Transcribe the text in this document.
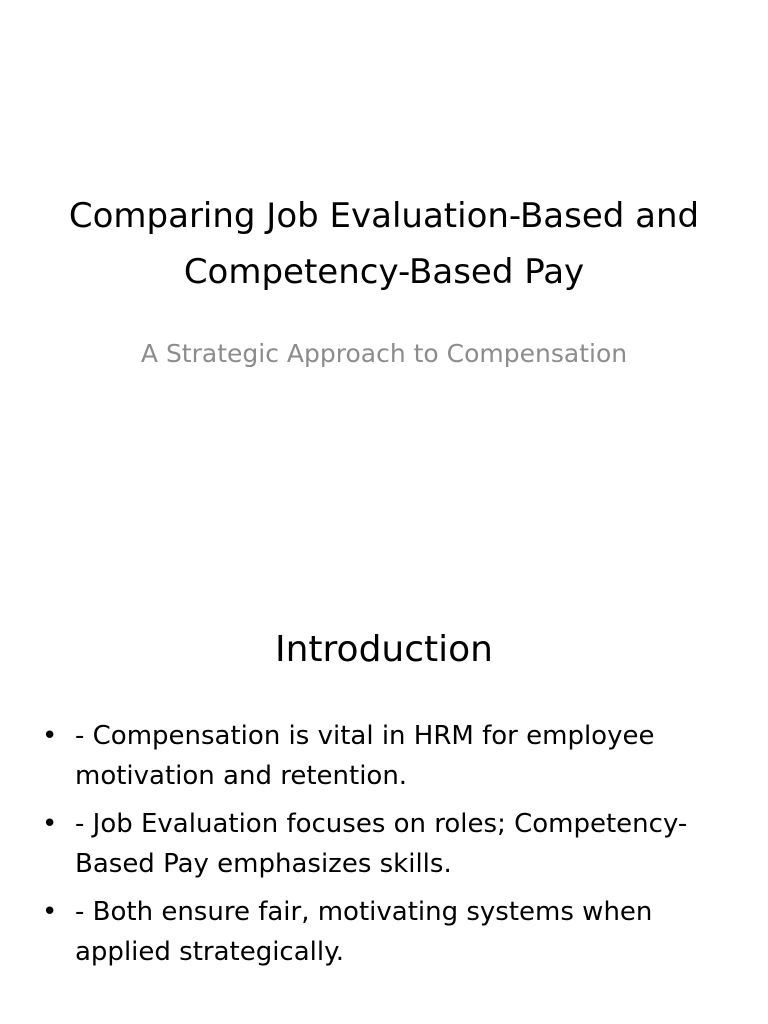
Comparing Job Evaluation-Based and Competency-Based Pay
A Strategic Approach to Compensation
Introduction
• - Compensation is vital in HRM for employee motivation and retention.
• - Job Evaluation focuses on roles; Competency-Based Pay emphasizes skills.
• - Both ensure fair, motivating systems when applied strategically.
